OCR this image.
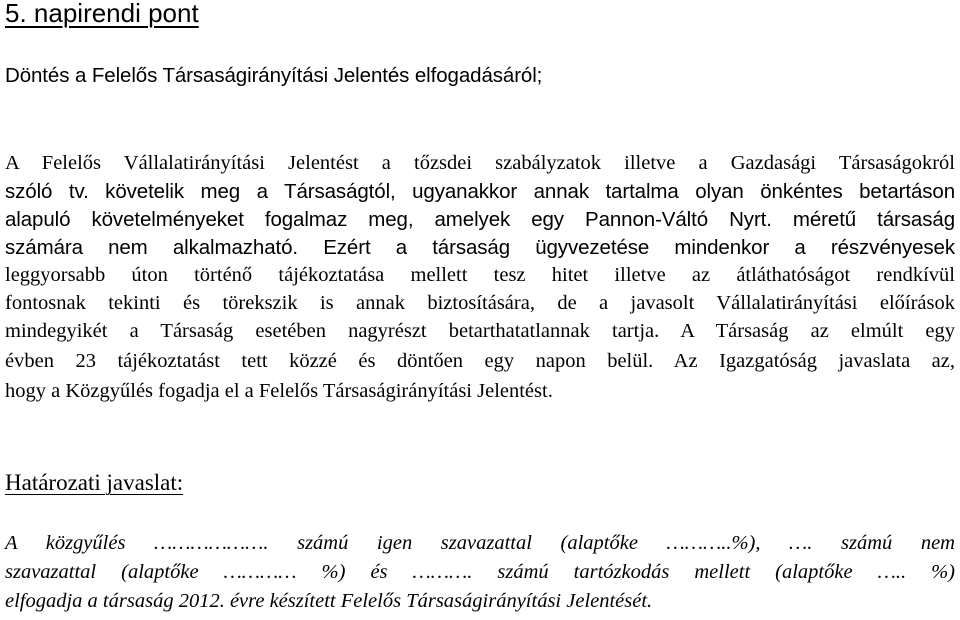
5. napirendi pont
Döntés a Felelős Társaságirányítási Jelentés elfogadásáról;
A Felelős Vállalatirányítási Jelentést a tőzsdei szabályzatok illetve a Gazdasági Társaságokról
szóló tv. követelik meg a Társaságtól, ugyanakkor annak tartalma olyan önkéntes betartáson
alapuló követelményeket fogalmaz meg, amelyek egy Pannon-Váltó Nyrt. méretű társaság
számára nem alkalmazható. Ezért a társaság ügyvezetése mindenkor a részvényesek
leggyorsabb úton történő tájékoztatása mellett tesz hitet illetve az átláthatóságot rendkívül
fontosnak tekinti és törekszik is annak biztosítására, de a javasolt Vállalatirányítási előírások
mindegyikét a Társaság esetében nagyrészt betarthatatlannak tartja. A Társaság az elmúlt egy
évben 23 tájékoztatást tett közzé és döntően egy napon belül. Az Igazgatóság javaslata az,
hogy a Közgyűlés fogadja el a Felelős Társaságirányítási Jelentést.
Határozati javaslat:
A közgyűlés ………………. számú igen szavazattal (alaptőke ………..%), …. számú nem
szavazattal (alaptőke ………… %) és ………. számú tartózkodás mellett (alaptőke ….. %)
elfogadja a társaság 2012. évre készített Felelős Társaságirányítási Jelentését.
